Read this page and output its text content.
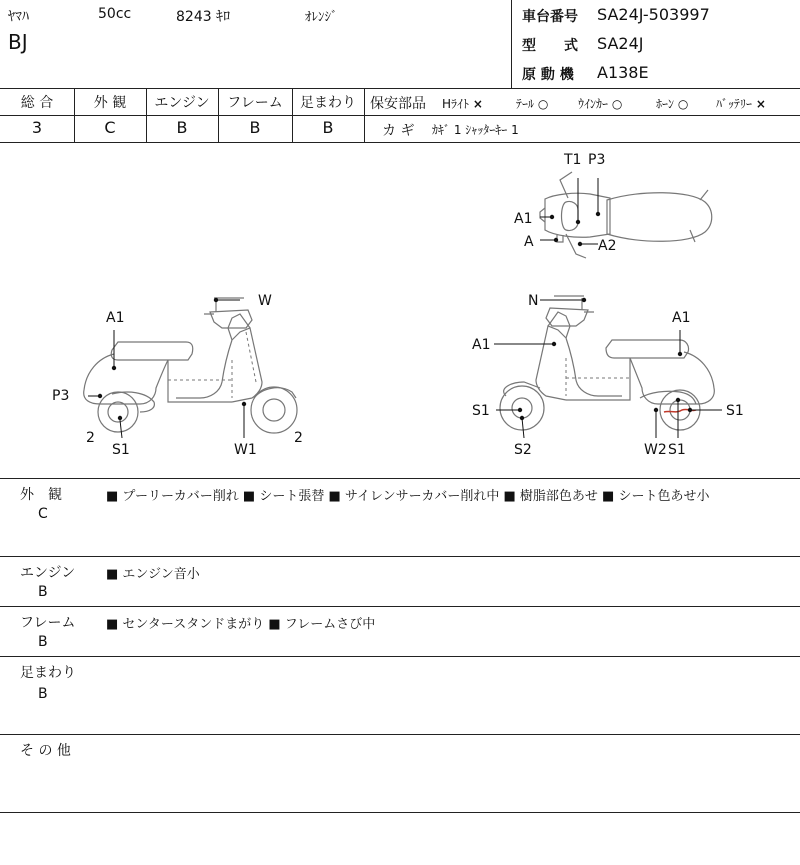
ﾔﾏﾊ	50cc	8243 ｷﾛ	ｵﾚﾝｼﾞ
BJ
車台番号 SA24J-503997
型　　式 SA24J
原 動 機 A138E
総 合	外 観	エンジン	フレーム	足まわり
3	C	B	B	B
保安部品 Hﾗｲﾄ ×	ﾃｰﾙ ○ ｳｲﾝｶｰ ○	ﾎｰﾝ ○ ﾊﾞｯﾃﾘｰ ×
カ ギ ｶｷﾞ 1 ｼｬｯﾀｰｷｰ 1
T1 P3
A1
A	A2
W
A1
P3
2
S1	W1
2
N
A1
A1
S1	S1
S2	W2 S1
外　観
C
■ プーリーカバー削れ ■ シート張替 ■ サイレンサーカバー削れ中 ■ 樹脂部色あせ ■ シート色あせ小
エンジン
B
■ エンジン音小
フレーム
B
■ センタースタンドまがり ■ フレームさび中
足まわり
B
そ の 他
